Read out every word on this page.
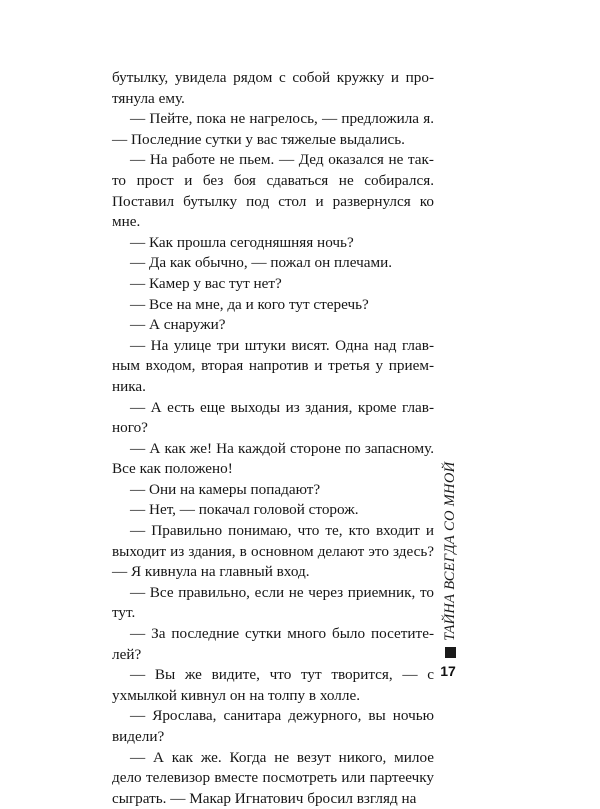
бутылку, увидела рядом с собой кружку и протянула ему.

— Пейте, пока не нагрелось, — предложила я. — Последние сутки у вас тяжелые выдались.

— На работе не пьем. — Дед оказался не так-то прост и без боя сдаваться не собирался. Поставил бутылку под стол и развернулся ко мне.

— Как прошла сегодняшняя ночь?

— Да как обычно, — пожал он плечами.

— Камер у вас тут нет?

— Все на мне, да и кого тут стеречь?

— А снаружи?

— На улице три штуки висят. Одна над главным входом, вторая напротив и третья у приемника.

— А есть еще выходы из здания, кроме главного?

— А как же! На каждой стороне по запасному. Все как положено!

— Они на камеры попадают?

— Нет, — покачал головой сторож.

— Правильно понимаю, что те, кто входит и выходит из здания, в основном делают это здесь? — Я кивнула на главный вход.

— Все правильно, если не через приемник, то тут.

— За последние сутки много было посетителей?

— Вы же видите, что тут творится, — с ухмылкой кивнул он на толпу в холле.

— Ярослава, санитара дежурного, вы ночью видели?

— А как же. Когда не везут никого, милое дело телевизор вместе посмотреть или партеечку сыграть. — Макар Игнатович бросил взгляд на

ТАЙНА ВСЕГДА СО МНОЙ
17
